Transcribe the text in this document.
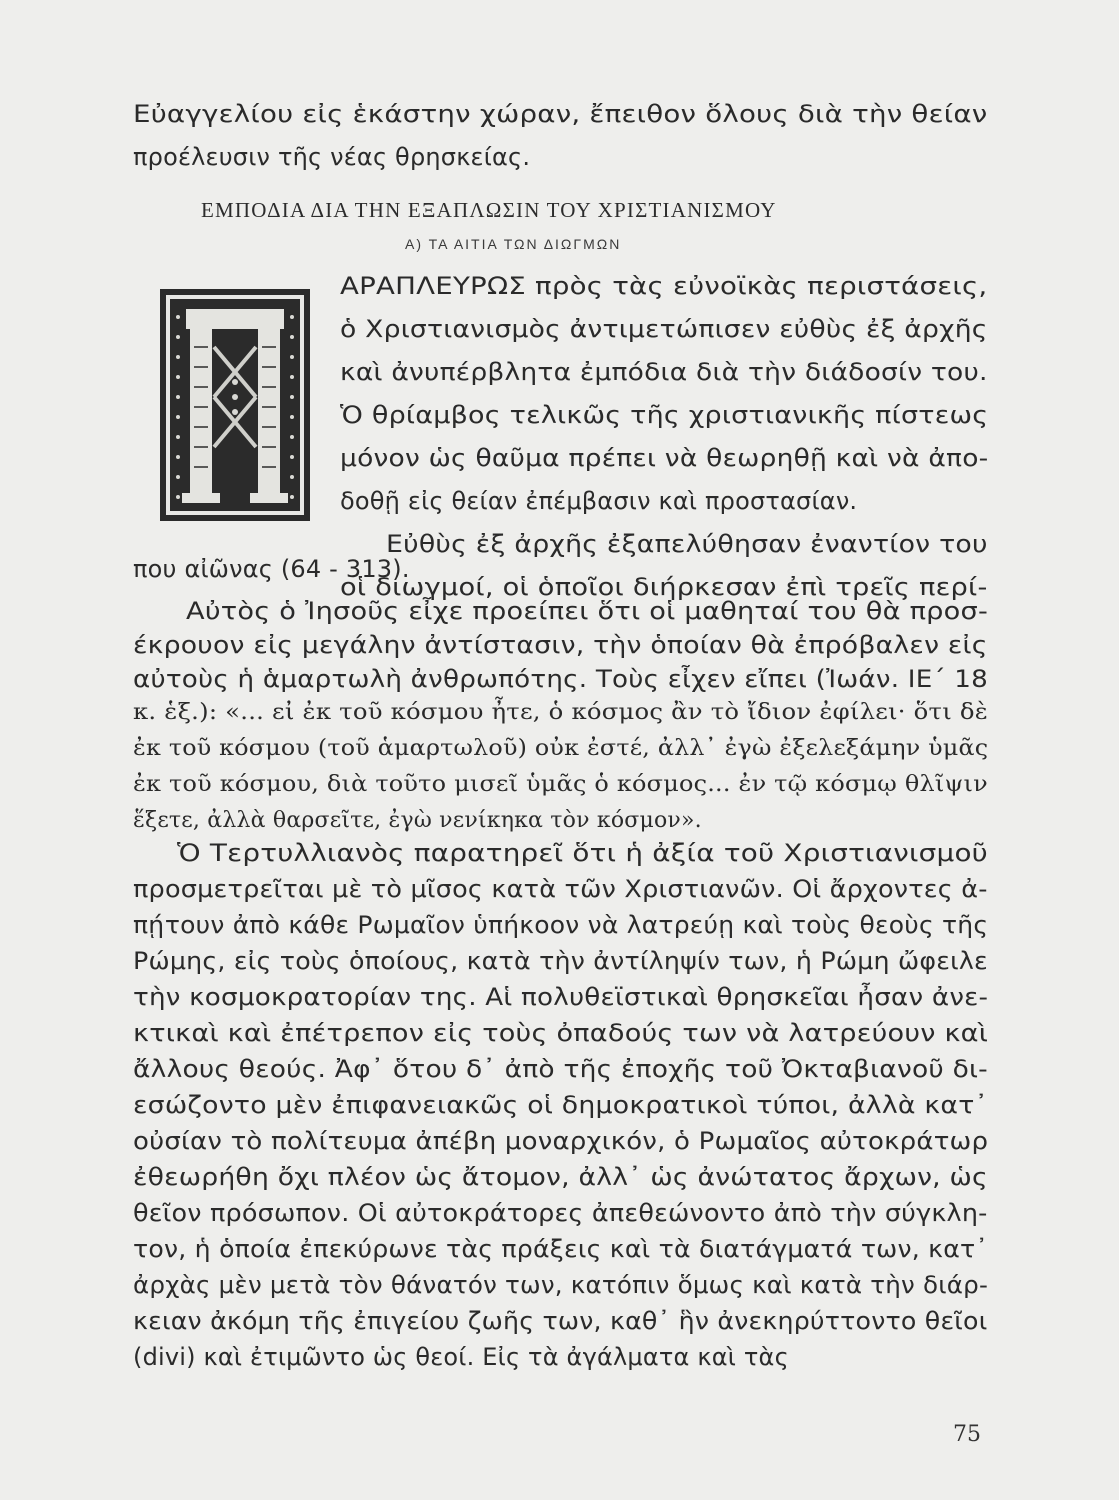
Εὐαγγελίου εἰς ἑκάστην χώραν, ἔπειθον ὅλους διὰ τὴν θείαν
προέλευσιν τῆς νέας θρησκείας.
ΕΜΠΟΔΙΑ ΔΙΑ ΤΗΝ ΕΞΑΠΛΩΣΙΝ ΤΟΥ ΧΡΙΣΤΙΑΝΙΣΜΟΥ
Α) ΤΑ ΑΙΤΙΑ ΤΩΝ ΔΙΩΓΜΩΝ
ΑΡΑΠΛΕΥΡΩΣ πρὸς τὰς εὐνοϊκὰς περιστάσεις,
ὁ Χριστιανισμὸς ἀντιμετώπισεν εὐθὺς ἐξ ἀρχῆς
καὶ ἀνυπέρβλητα ἐμπόδια διὰ τὴν διάδοσίν του.
Ὁ θρίαμβος τελικῶς τῆς χριστιανικῆς πίστεως
μόνον ὡς θαῦμα πρέπει νὰ θεωρηθῇ καὶ νὰ ἀπο-
δοθῇ εἰς θείαν ἐπέμβασιν καὶ προστασίαν.
Εὐθὺς ἐξ ἀρχῆς ἐξαπελύθησαν ἐναντίον του
οἱ διωγμοί, οἱ ὁποῖοι διήρκεσαν ἐπὶ τρεῖς περί-
που αἰῶνας (64 - 313).
Αὐτὸς ὁ Ἰησοῦς εἶχε προείπει ὅτι οἱ μαθηταί του θὰ προσ-
έκρουον εἰς μεγάλην ἀντίστασιν, τὴν ὁποίαν θὰ ἐπρόβαλεν εἰς
αὐτοὺς ἡ ἁμαρτωλὴ ἀνθρωπότης. Τοὺς εἶχεν εἴπει (Ἰωάν. ΙΕ΄ 18
κ. ἑξ.): «... εἰ ἐκ τοῦ κόσμου ἦτε, ὁ κόσμος ἂν τὸ ἴδιον ἐφίλει· ὅτι δὲ
ἐκ τοῦ κόσμου (τοῦ ἁμαρτωλοῦ) οὐκ ἐστέ, ἀλλ᾿ ἐγὼ ἐξελεξάμην ὑμᾶς
ἐκ τοῦ κόσμου, διὰ τοῦτο μισεῖ ὑμᾶς ὁ κόσμος... ἐν τῷ κόσμῳ θλῖψιν
ἕξετε, ἀλλὰ θαρσεῖτε, ἐγὼ νενίκηκα τὸν κόσμον».
Ὁ Τερτυλλιανὸς παρατηρεῖ ὅτι ἡ ἀξία τοῦ Χριστιανισμοῦ
προσμετρεῖται μὲ τὸ μῖσος κατὰ τῶν Χριστιανῶν. Οἱ ἄρχοντες ἀ-
πῄτουν ἀπὸ κάθε Ρωμαῖον ὑπήκοον νὰ λατρεύῃ καὶ τοὺς θεοὺς τῆς
Ρώμης, εἰς τοὺς ὁποίους, κατὰ τὴν ἀντίληψίν των, ἡ Ρώμη ὤφειλε
τὴν κοσμοκρατορίαν της. Αἱ πολυθεϊστικαὶ θρησκεῖαι ἦσαν ἀνε-
κτικαὶ καὶ ἐπέτρεπον εἰς τοὺς ὀπαδούς των νὰ λατρεύουν καὶ
ἄλλους θεούς. Ἀφ᾿ ὅτου δ᾿ ἀπὸ τῆς ἐποχῆς τοῦ Ὀκταβιανοῦ δι-
εσώζοντο μὲν ἐπιφανειακῶς οἱ δημοκρατικοὶ τύποι, ἀλλὰ κατ᾿
οὐσίαν τὸ πολίτευμα ἀπέβη μοναρχικόν, ὁ Ρωμαῖος αὐτοκράτωρ
ἐθεωρήθη ὄχι πλέον ὡς ἄτομον, ἀλλ᾿ ὡς ἀνώτατος ἄρχων, ὡς
θεῖον πρόσωπον. Οἱ αὐτοκράτορες ἀπεθεώνοντο ἀπὸ τὴν σύγκλη-
τον, ἡ ὁποία ἐπεκύρωνε τὰς πράξεις καὶ τὰ διατάγματά των, κατ᾿
ἀρχὰς μὲν μετὰ τὸν θάνατόν των, κατόπιν ὅμως καὶ κατὰ τὴν διάρ-
κειαν ἀκόμη τῆς ἐπιγείου ζωῆς των, καθ᾿ ἣν ἀνεκηρύττοντο θεῖοι
(divi) καὶ ἐτιμῶντο ὡς θεοί. Εἰς τὰ ἀγάλματα καὶ τὰς
75
